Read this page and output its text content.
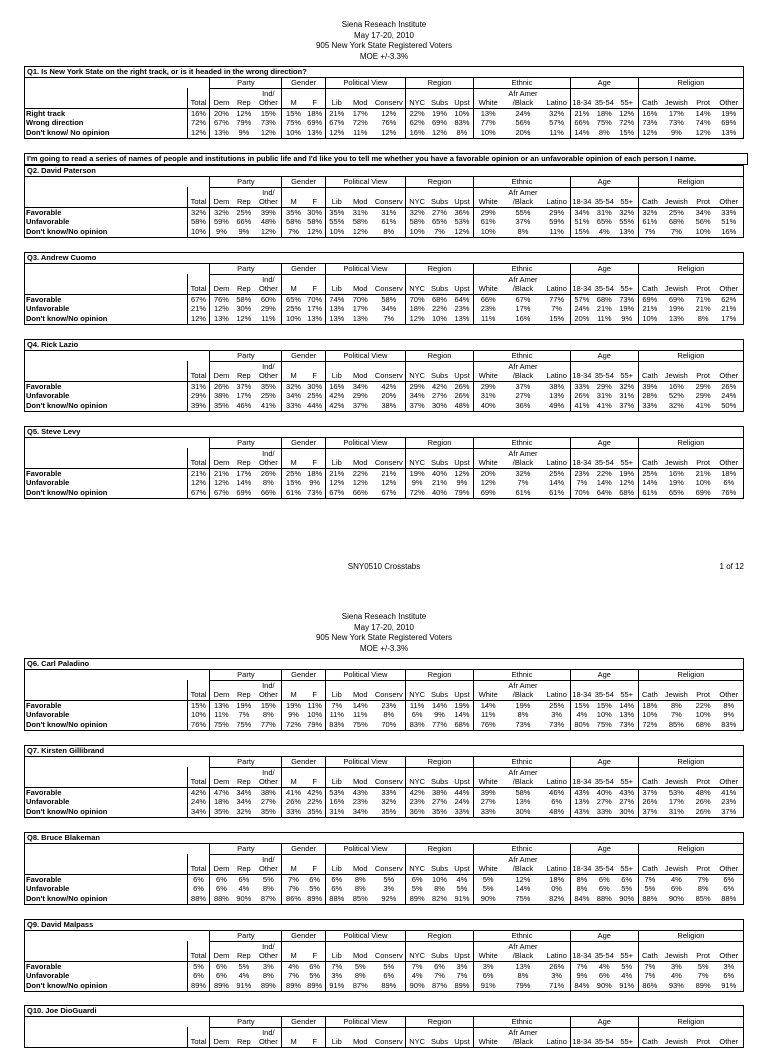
Siena Reseach Institute
May 17-20, 2010
905 New York State Registered Voters
MOE +/-3.3%
Q1. Is New York State on the right track, or is it headed in the wrong direction?
		Party			Gender		Political View			Region			Ethnic			Age			Religion			
				Ind/										Afr Amer								
	Total	Dem	Rep	Other	M	F	Lib	Mod	Conserv	NYC	Subs	Upst	White	/Black	Latino	18-34	35-54	55+	Cath	Jewish	Prot	Other
Right track	16%	20%	12%	15%	15%	18%	21%	17%	12%	22%	19%	10%	13%	24%	32%	21%	18%	12%	16%	17%	14%	19%
Wrong direction	72%	67%	79%	73%	75%	69%	67%	72%	76%	62%	69%	83%	77%	56%	57%	66%	75%	72%	73%	73%	74%	69%
Don't know/ No opinion	12%	13%	9%	12%	10%	13%	12%	11%	12%	16%	12%	8%	10%	20%	11%	14%	8%	15%	12%	9%	12%	13%
Q2. David Paterson
		Party			Gender		Political View			Region			Ethnic			Age			Religion			
				Ind/										Afr Amer								
	Total	Dem	Rep	Other	M	F	Lib	Mod	Conserv	NYC	Subs	Upst	White	/Black	Latino	18-34	35-54	55+	Cath	Jewish	Prot	Other
Favorable	32%	32%	25%	39%	35%	30%	35%	31%	31%	32%	27%	36%	29%	55%	29%	34%	31%	32%	32%	25%	34%	33%
Unfavorable	58%	59%	66%	48%	58%	58%	55%	58%	61%	58%	65%	53%	61%	37%	59%	51%	65%	55%	61%	68%	56%	51%
Don't know/No opinion	10%	9%	9%	12%	7%	12%	10%	12%	8%	10%	7%	12%	10%	8%	11%	15%	4%	13%	7%	7%	10%	16%
Q3. Andrew Cuomo
		Party			Gender		Political View			Region			Ethnic			Age			Religion			
				Ind/										Afr Amer								
	Total	Dem	Rep	Other	M	F	Lib	Mod	Conserv	NYC	Subs	Upst	White	/Black	Latino	18-34	35-54	55+	Cath	Jewish	Prot	Other
Favorable	67%	76%	58%	60%	65%	70%	74%	70%	58%	70%	68%	64%	66%	67%	77%	57%	68%	73%	69%	69%	71%	62%
Unfavorable	21%	12%	30%	29%	25%	17%	13%	17%	34%	18%	22%	23%	23%	17%	7%	24%	21%	19%	21%	19%	21%	21%
Don't know/No opinion	12%	13%	12%	11%	10%	13%	13%	13%	7%	12%	10%	13%	11%	16%	15%	20%	11%	9%	10%	13%	8%	17%
Q4. Rick Lazio
		Party			Gender		Political View			Region			Ethnic			Age			Religion			
				Ind/										Afr Amer								
	Total	Dem	Rep	Other	M	F	Lib	Mod	Conserv	NYC	Subs	Upst	White	/Black	Latino	18-34	35-54	55+	Cath	Jewish	Prot	Other
Favorable	31%	26%	37%	35%	32%	30%	16%	34%	42%	29%	42%	26%	29%	37%	38%	33%	29%	32%	39%	16%	29%	26%
Unfavorable	29%	38%	17%	25%	34%	25%	42%	29%	20%	34%	27%	26%	31%	27%	13%	26%	31%	31%	28%	52%	29%	24%
Don't know/No opinion	39%	35%	46%	41%	33%	44%	42%	37%	38%	37%	30%	48%	40%	36%	49%	41%	41%	37%	33%	32%	41%	50%
Q5. Steve Levy
		Party			Gender		Political View			Region			Ethnic			Age			Religion			
				Ind/										Afr Amer								
	Total	Dem	Rep	Other	M	F	Lib	Mod	Conserv	NYC	Subs	Upst	White	/Black	Latino	18-34	35-54	55+	Cath	Jewish	Prot	Other
Favorable	21%	21%	17%	26%	25%	18%	21%	22%	21%	19%	40%	12%	20%	32%	25%	23%	22%	19%	25%	16%	21%	18%
Unfavorable	12%	12%	14%	8%	15%	9%	12%	12%	12%	9%	21%	9%	12%	7%	14%	7%	14%	12%	14%	19%	10%	6%
Don't know/No opinion	67%	67%	69%	66%	61%	73%	67%	66%	67%	72%	40%	79%	69%	61%	61%	70%	64%	68%	61%	65%	69%	76%
Q6. Carl Paladino
		Party			Gender		Political View			Region			Ethnic			Age			Religion			
				Ind/										Afr Amer								
	Total	Dem	Rep	Other	M	F	Lib	Mod	Conserv	NYC	Subs	Upst	White	/Black	Latino	18-34	35-54	55+	Cath	Jewish	Prot	Other
Favorable	15%	13%	19%	15%	19%	11%	7%	14%	23%	11%	14%	19%	14%	19%	25%	15%	15%	14%	18%	8%	22%	8%
Unfavorable	10%	11%	7%	8%	9%	10%	11%	11%	8%	6%	9%	14%	11%	8%	3%	4%	10%	13%	10%	7%	10%	9%
Don't know/No opinion	76%	75%	75%	77%	72%	79%	83%	75%	70%	83%	77%	68%	76%	73%	73%	80%	75%	73%	72%	85%	68%	83%
Q7. Kirsten Gillibrand
		Party			Gender		Political View			Region			Ethnic			Age			Religion			
				Ind/										Afr Amer								
	Total	Dem	Rep	Other	M	F	Lib	Mod	Conserv	NYC	Subs	Upst	White	/Black	Latino	18-34	35-54	55+	Cath	Jewish	Prot	Other
Favorable	42%	47%	34%	38%	41%	42%	53%	43%	33%	42%	38%	44%	39%	58%	46%	43%	40%	43%	37%	53%	48%	41%
Unfavorable	24%	18%	34%	27%	26%	22%	16%	23%	32%	23%	27%	24%	27%	13%	6%	13%	27%	27%	26%	17%	26%	23%
Don't know/No opinion	34%	35%	32%	35%	33%	35%	31%	34%	35%	36%	35%	33%	33%	30%	48%	43%	33%	30%	37%	31%	26%	37%
Q8. Bruce Blakeman
		Party			Gender		Political View			Region			Ethnic			Age			Religion			
				Ind/										Afr Amer								
	Total	Dem	Rep	Other	M	F	Lib	Mod	Conserv	NYC	Subs	Upst	White	/Black	Latino	18-34	35-54	55+	Cath	Jewish	Prot	Other
Favorable	6%	6%	6%	5%	7%	6%	6%	8%	5%	6%	10%	4%	5%	12%	18%	8%	6%	6%	7%	4%	7%	6%
Unfavorable	6%	6%	4%	8%	7%	5%	6%	8%	3%	5%	8%	5%	5%	14%	0%	8%	6%	5%	5%	6%	8%	6%
Don't know/No opinion	88%	88%	90%	87%	86%	89%	88%	85%	92%	89%	82%	91%	90%	75%	82%	84%	88%	90%	88%	90%	85%	88%
Q9. David Malpass
		Party			Gender		Political View			Region			Ethnic			Age			Religion			
				Ind/										Afr Amer								
	Total	Dem	Rep	Other	M	F	Lib	Mod	Conserv	NYC	Subs	Upst	White	/Black	Latino	18-34	35-54	55+	Cath	Jewish	Prot	Other
Favorable	5%	6%	5%	3%	4%	6%	7%	5%	5%	7%	6%	3%	3%	13%	26%	7%	4%	5%	7%	3%	5%	3%
Unfavorable	6%	6%	4%	8%	7%	5%	3%	8%	6%	4%	7%	7%	6%	8%	3%	9%	6%	4%	7%	4%	7%	6%
Don't know/No opinion	89%	89%	91%	89%	89%	89%	91%	87%	89%	90%	87%	89%	91%	79%	71%	84%	90%	91%	86%	93%	89%	91%
Q10. Joe DioGuardi
		Party			Gender		Political View			Region			Ethnic			Age			Religion			
				Ind/										Afr Amer								
	Total	Dem	Rep	Other	M	F	Lib	Mod	Conserv	NYC	Subs	Upst	White	/Black	Latino	18-34	35-54	55+	Cath	Jewish	Prot	Other
I'm going to read a series of names of people and institutions in public life and I'd like you to tell me whether you have a favorable opinion or an unfavorable opinion of each person I name.
SNY0510 Crosstabs	1 of 12
Siena Reseach Institute
May 17-20, 2010
905 New York State Registered Voters
MOE +/-3.3%
